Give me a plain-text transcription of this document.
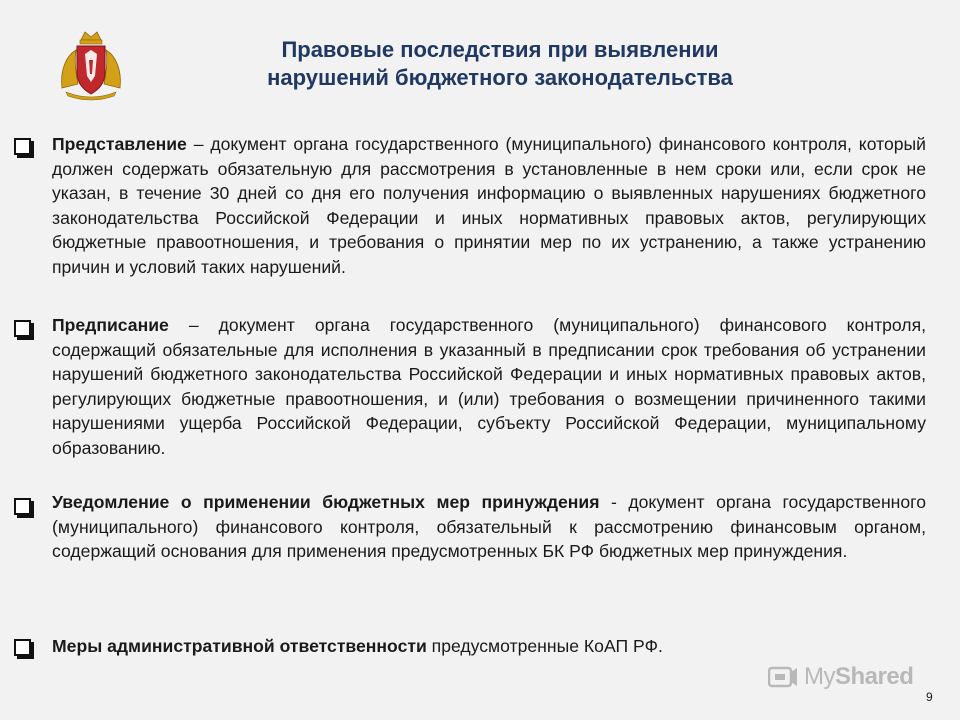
Правовые последствия при выявлении
нарушений бюджетного законодательства

Представление – документ органа государственного (муниципального) финансового контроля, который должен содержать обязательную для рассмотрения в установленные в нем сроки или, если срок не указан, в течение 30 дней со дня его получения информацию о выявленных нарушениях бюджетного законодательства Российской Федерации и иных нормативных правовых актов, регулирующих бюджетные правоотношения, и требования о принятии мер по их устранению, а также устранению причин и условий таких нарушений.

Предписание – документ органа государственного (муниципального) финансового контроля, содержащий обязательные для исполнения в указанный в предписании срок требования об устранении нарушений бюджетного законодательства Российской Федерации и иных нормативных правовых актов, регулирующих бюджетные правоотношения, и (или) требования о возмещении причиненного такими нарушениями ущерба Российской Федерации, субъекту Российской Федерации, муниципальному образованию.

Уведомление о применении бюджетных мер принуждения - документ органа государственного (муниципального) финансового контроля, обязательный к рассмотрению финансовым органом, содержащий основания для применения предусмотренных БК РФ бюджетных мер принуждения.

Меры административной ответственности предусмотренные КоАП РФ.

MyShared
9
